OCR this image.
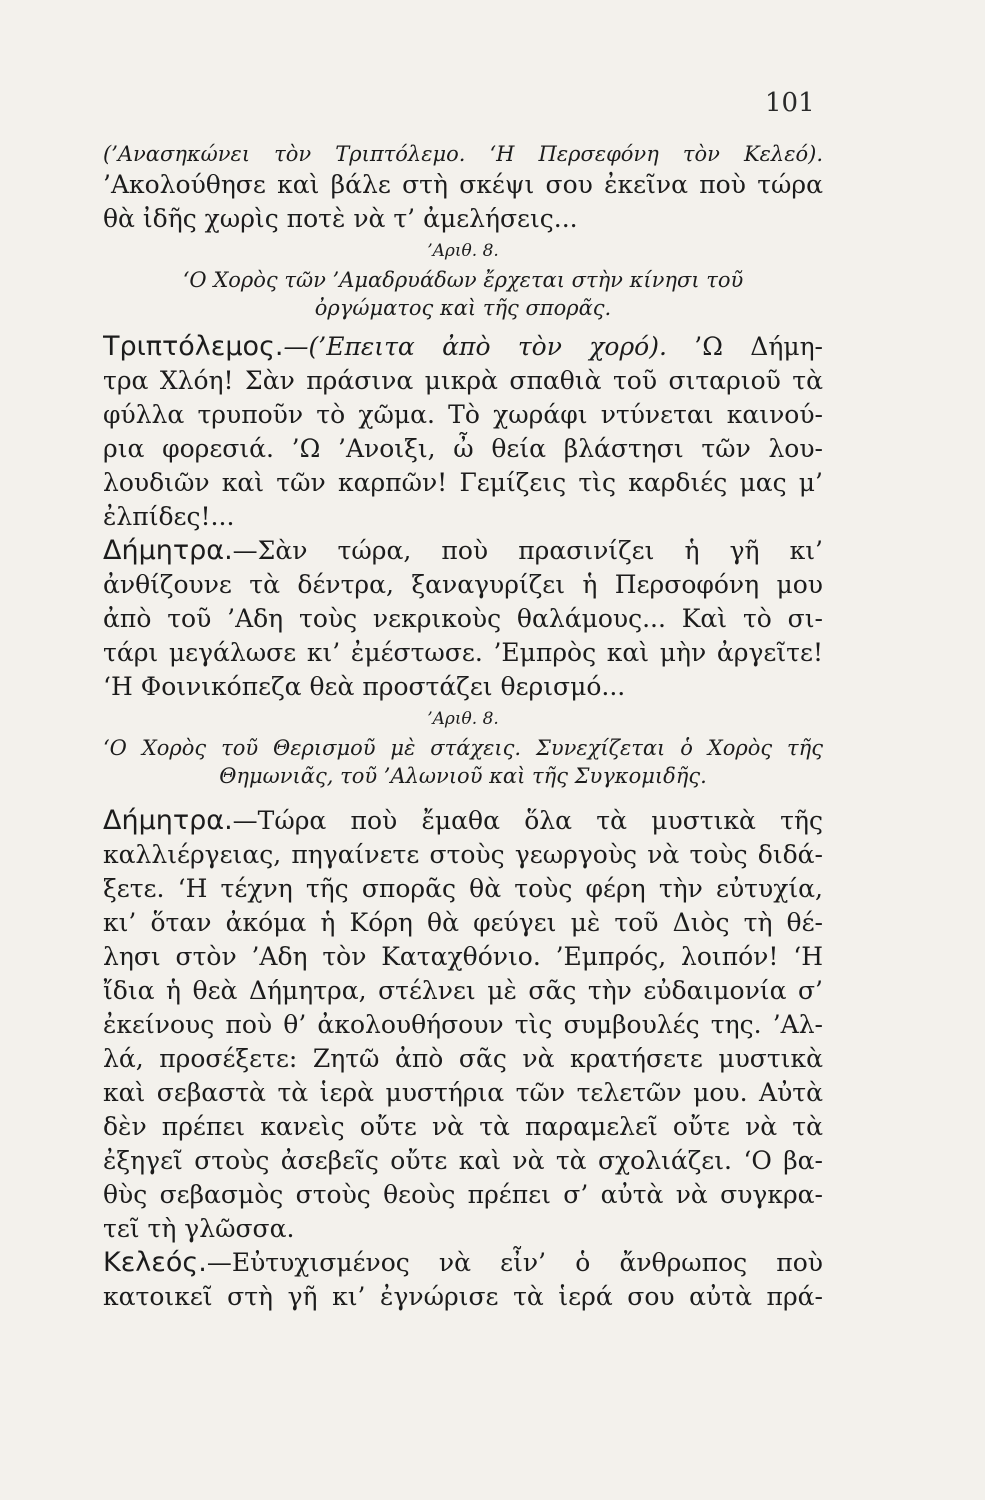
101
(’Ανασηκώνει τὸν Τριπτόλεμο. ‘Η Περσεφόνη τὸν Κελεό).
’Ακολούθησε καὶ βάλε στὴ σκέψι σου ἐκεῖνα ποὺ τώρα
θὰ ἰδῆς χωρὶς ποτὲ νὰ τ’ ἀμελήσεις...
’Αριθ. 8.
‘Ο Χορὸς τῶν ’Αμαδρυάδων ἔρχεται στὴν κίνησι τοῦ
ὀργώματος καὶ τῆς σπορᾶς.
Τριπτόλεμος.—(’Επειτα ἀπὸ τὸν χορό). ’Ω Δήμη-
τρα Χλόη! Σὰν πράσινα μικρὰ σπαθιὰ τοῦ σιταριοῦ τὰ
φύλλα τρυποῦν τὸ χῶμα. Τὸ χωράφι ντύνεται καινού-
ρια φορεσιά. ’Ω ’Ανοιξι, ὦ θεία βλάστησι τῶν λου-
λουδιῶν καὶ τῶν καρπῶν! Γεμίζεις τὶς καρδιές μας μ’
ἐλπίδες!...
Δήμητρα.—Σὰν τώρα, ποὺ πρασινίζει ἡ γῆ κι’
ἀνθίζουνε τὰ δέντρα, ξαναγυρίζει ἡ Περσοφόνη μου
ἀπὸ τοῦ ’Αδη τοὺς νεκρικοὺς θαλάμους... Καὶ τὸ σι-
τάρι μεγάλωσε κι’ ἐμέστωσε. ’Εμπρὸς καὶ μὴν ἀργεῖτε!
‘Η Φοινικόπεζα θεὰ προστάζει θερισμό...
’Αριθ. 8.
‘Ο Χορὸς τοῦ Θερισμοῦ μὲ στάχεις. Συνεχίζεται ὁ Χορὸς τῆς
Θημωνιᾶς, τοῦ ’Αλωνιοῦ καὶ τῆς Συγκομιδῆς.
Δήμητρα.—Τώρα ποὺ ἔμαθα ὅλα τὰ μυστικὰ τῆς
καλλιέργειας, πηγαίνετε στοὺς γεωργοὺς νὰ τοὺς διδά-
ξετε. ‘Η τέχνη τῆς σπορᾶς θὰ τοὺς φέρη τὴν εὐτυχία,
κι’ ὅταν ἀκόμα ἡ Κόρη θὰ φεύγει μὲ τοῦ Διὸς τὴ θέ-
λησι στὸν ’Αδη τὸν Καταχθόνιο. ’Εμπρός, λοιπόν! ‘Η
ἴδια ἡ θεὰ Δήμητρα, στέλνει μὲ σᾶς τὴν εὐδαιμονία σ’
ἐκείνους ποὺ θ’ ἀκολουθήσουν τὶς συμβουλές της. ’Αλ-
λά, προσέξετε: Ζητῶ ἀπὸ σᾶς νὰ κρατήσετε μυστικὰ
καὶ σεβαστὰ τὰ ἱερὰ μυστήρια τῶν τελετῶν μου. Αὐτὰ
δὲν πρέπει κανεὶς οὔτε νὰ τὰ παραμελεῖ οὔτε νὰ τὰ
ἐξηγεῖ στοὺς ἀσεβεῖς οὔτε καὶ νὰ τὰ σχολιάζει. ‘Ο βα-
θὺς σεβασμὸς στοὺς θεοὺς πρέπει σ’ αὐτὰ νὰ συγκρα-
τεῖ τὴ γλῶσσα.
Κελεός.—Εὐτυχισμένος νὰ εἶν’ ὁ ἄνθρωπος ποὺ
κατοικεῖ στὴ γῆ κι’ ἐγνώρισε τὰ ἱερά σου αὐτὰ πρά-
